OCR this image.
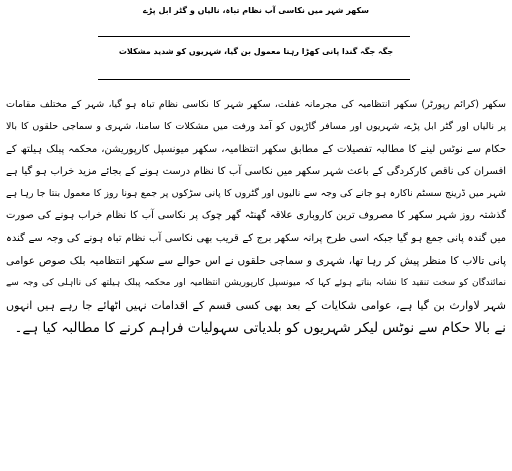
سکھر شہر میں نکاسی آب نظام تباہ، نالیاں و گٹر ابل پڑے
جگہ جگہ گندا پانی کھڑا رہنا معمول بن گیا، شہریوں کو شدید مشکلات
سکھر (کرائم رپورٹر) سکھر انتظامیہ کی مجرمانہ غفلت، سکھر شہر کا نکاسی نظام تباہ ہو گیا، شہر کے مختلف مقامات
پر نالیاں اور گٹر ابل پڑے، شہریوں اور مسافر گاڑیوں کو آمد ورفت میں مشکلات کا سامنا، شہری و سماجی حلقوں کا بالا
حکام سے نوٹس لینے کا مطالبہ تفصیلات کے مطابق سکھر انتظامیہ، سکھر میونسپل کارپوریشن، محکمہ پبلک ہیلتھ کے
افسران کی ناقص کارکردگی کے باعث شہر سکھر میں نکاسی آب کا نظام درست ہونے کے بجائے مزید خراب ہو گیا ہے
شہر میں ڈرینج سسٹم ناکارہ ہو جانے کی وجہ سے نالیوں اور گٹروں کا پانی سڑکوں پر جمع ہونا روز کا معمول بنتا جا رہا ہے
گذشتہ روز شہر سکھر کا مصروف ترین کاروباری علاقہ گھنٹہ گھر چوک پر نکاسی آب کا نظام خراب ہونے کی صورت
میں گندہ پانی جمع ہو گیا جبکہ اسی طرح پرانہ سکھر برج کے قریب بھی نکاسی آب نظام تباہ ہونے کی وجہ سے گندہ
پانی تالاب کا منظر پیش کر رہا تھا، شہری و سماجی حلقوں نے اس حوالے سے سکھر انتظامیہ بلک صوص عوامی
نمائندگان کو سخت تنقید کا نشانہ بناتے ہوئے کہا کہ میونسپل کارپوریشن انتظامیہ اور محکمہ پبلک ہیلتھ کی نااہلی کی وجہ سے
شہر لاوارث بن گیا ہے، عوامی شکایات کے بعد بھی کسی قسم کے اقدامات نہیں اٹھائے جا رہے ہیں انہوں
نے بالا حکام سے نوٹس لیکر شہریوں کو بلدیاتی سہولیات فراہم کرنے کا مطالبہ کیا ہے۔
